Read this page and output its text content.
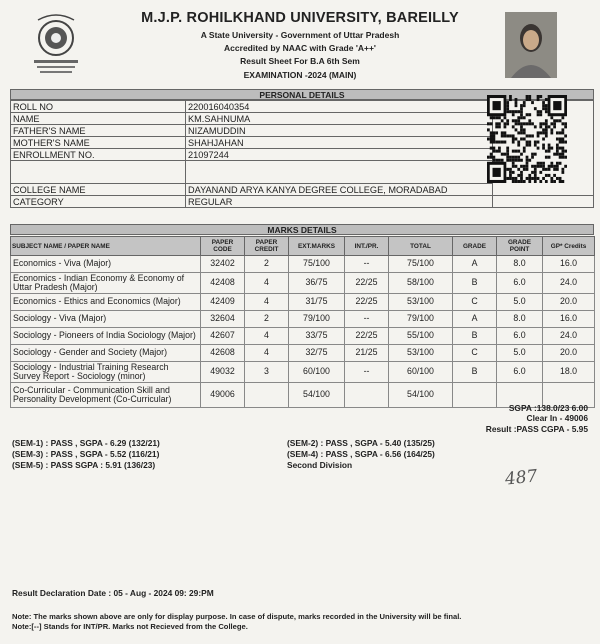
M.J.P. ROHILKHAND UNIVERSITY, BAREILLY
A State University - Government of Uttar Pradesh
Accredited by NAAC with Grade 'A++'
Result Sheet For B.A 6th Sem
EXAMINATION -2024 (MAIN)
PERSONAL DETAILS
ROLL NO	220016040354	
NAME	KM.SAHNUMA	
FATHER'S NAME	NIZAMUDDIN	
MOTHER'S NAME	SHAHJAHAN	
ENROLLMENT NO.	21097244	

COLLEGE NAME	DAYANAND ARYA KANYA DEGREE COLLEGE, MORADABAD	
CATEGORY	REGULAR	
MARKS DETAILS
SUBJECT NAME / PAPER NAME	PAPER CODE	PAPER CREDIT	EXT.MARKS	INT./PR.	TOTAL	GRADE	GRADE POINT	GP* Credits
Economics - Viva (Major)	32402	2	75/100	--	75/100	A	8.0	16.0
Economics - Indian Economy & Economy of Uttar Pradesh (Major)	42408	4	36/75	22/25	58/100	B	6.0	24.0
Economics - Ethics and Economics (Major)	42409	4	31/75	22/25	53/100	C	5.0	20.0
Sociology - Viva (Major)	32604	2	79/100	--	79/100	A	8.0	16.0
Sociology - Pioneers of India Sociology (Major)	42607	4	33/75	22/25	55/100	B	6.0	24.0
Sociology - Gender and Society (Major)	42608	4	32/75	21/25	53/100	C	5.0	20.0
Sociology - Industrial Training Research Survey Report - Sociology (minor)	49032	3	60/100	--	60/100	B	6.0	18.0
Co-Curricular - Communication Skill and Personality Development (Co-Curricular)	49006		54/100		54/100			
SGPA :138.0/23 6.00
Clear In - 49006
Result :PASS CGPA - 5.95
(SEM-1) : PASS , SGPA - 6.29 (132/21)	(SEM-2) : PASS , SGPA - 5.40 (135/25)
(SEM-3) : PASS , SGPA - 5.52 (116/21)	(SEM-4) : PASS , SGPA - 6.56 (164/25)
(SEM-5) : PASS SGPA : 5.91 (136/23)	Second Division
487
Result Declaration Date : 05 - Aug - 2024 09: 29:PM
Note: The marks shown above are only for display purpose. In case of dispute, marks recorded in the University will be final.
Note:[--] Stands for INT/PR. Marks not Recieved from the College.
